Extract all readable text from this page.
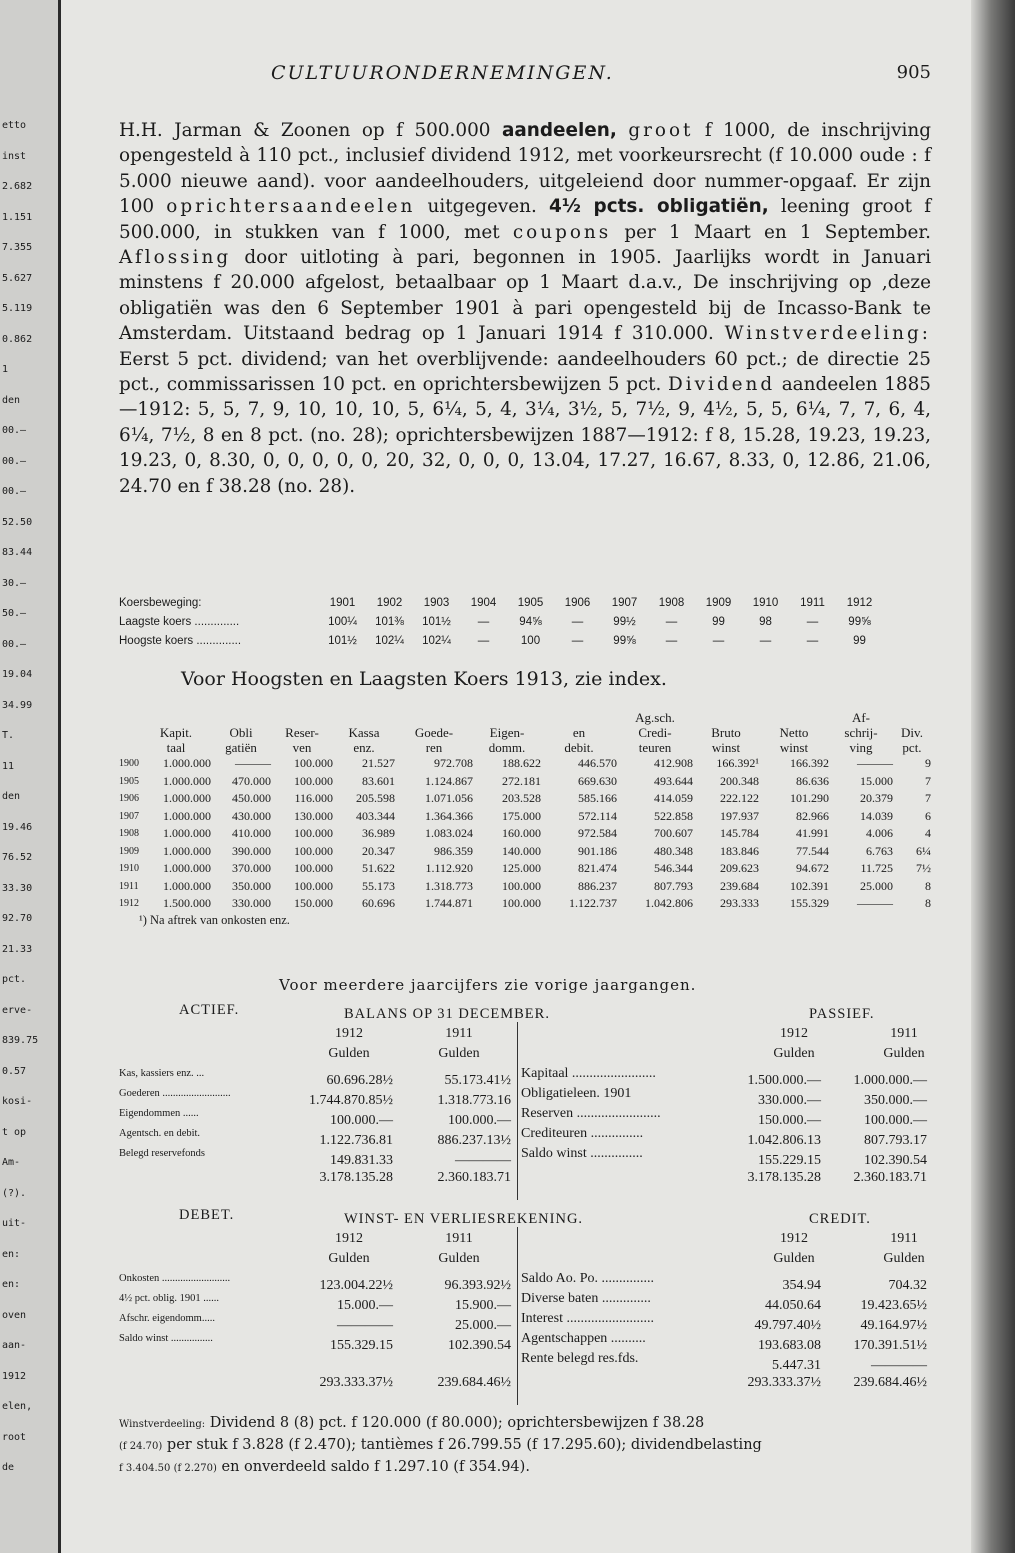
etto
inst
2.682
1.151
7.355
5.627
5.119
0.862
1
den
00.–
00.–
00.–
52.50
83.44
30.–
50.–
00.–
19.04
34.99
T.
11
den
19.46
76.52
33.30
92.70
21.33
pct.
erve-
839.75
0.57
kosi-
t op
Am-
(?).
uit-
en:
en:
oven
aan-
1912
elen,
root
de
CULTUURONDERNEMINGEN.	905

H.H. Jarman & Zoonen op f 500.000 aandeelen, groot f 1000, de inschrijving opengesteld à 110 pct., inclusief dividend 1912, met voorkeursrecht (f 10.000 oude : f 5.000 nieuwe aand). voor aandeelhouders, uitgeleiend door nummer-opgaaf. Er zijn 100 oprichtersaandeelen uitgegeven. 4½ pcts. obligatiën, leening groot f 500.000, in stukken van f 1000, met coupons per 1 Maart en 1 September. Aflossing door uitloting à pari, begonnen in 1905. Jaarlijks wordt in Januari minstens f 20.000 afgelost, betaalbaar op 1 Maart d.a.v., De inschrijving op ,deze obligatiën was den 6 September 1901 à pari opengesteld bij de Incasso-Bank te Amsterdam. Uitstaand bedrag op 1 Januari 1914 f 310.000. Winstverdeeling: Eerst 5 pct. dividend; van het overblijvende: aandeelhouders 60 pct.; de directie 25 pct., commissarissen 10 pct. en oprichtersbewijzen 5 pct. Dividend aandeelen 1885—1912: 5, 5, 7, 9, 10, 10, 10, 5, 6¼, 5, 4, 3¼, 3½, 5, 7½, 9, 4½, 5, 5, 6¼, 7, 7, 6, 4, 6¼, 7½, 8 en 8 pct. (no. 28); oprichtersbewijzen 1887—1912: f 8, 15.28, 19.23, 19.23, 19.23, 0, 8.30, 0, 0, 0, 0, 0, 20, 32, 0, 0, 0, 13.04, 17.27, 16.67, 8.33, 0, 12.86, 21.06, 24.70 en f 38.28 (no. 28).

Koersbeweging:	1901	1902	1903	1904	1905	1906	1907	1908	1909	1910	1911	1912
Laagste koers ..............	100¼	101⅜	101½	—	94⅝	—	99½	—	99	98	—	99⅝
Hoogste koers ..............	101½	102¼	102¼	—	100	—	99⅝	—	—	—	—	99
Voor Hoogsten en Laagsten Koers 1913, zie index.
Ag.sch.	Af-
Kapit.	Obli	Reser-	Kassa	Goede-	Eigen-	en	Credi-	Bruto	Netto	schrij-	Div.
taal	gatiën	ven	enz.	ren	domm.	debit.	teuren	winst	winst	ving	pct.
1900	1.000.000	———	100.000	21.527	972.708	188.622	446.570	412.908	166.392¹	166.392	———	9
1905	1.000.000	470.000	100.000	83.601	1.124.867	272.181	669.630	493.644	200.348	86.636	15.000	7
1906	1.000.000	450.000	116.000	205.598	1.071.056	203.528	585.166	414.059	222.122	101.290	20.379	7
1907	1.000.000	430.000	130.000	403.344	1.364.366	175.000	572.114	522.858	197.937	82.966	14.039	6
1908	1.000.000	410.000	100.000	36.989	1.083.024	160.000	972.584	700.607	145.784	41.991	4.006	4
1909	1.000.000	390.000	100.000	20.347	986.359	140.000	901.186	480.348	183.846	77.544	6.763	6¼
1910	1.000.000	370.000	100.000	51.622	1.112.920	125.000	821.474	546.344	209.623	94.672	11.725	7½
1911	1.000.000	350.000	100.000	55.173	1.318.773	100.000	886.237	807.793	239.684	102.391	25.000	8
1912	1.500.000	330.000	150.000	60.696	1.744.871	100.000	1.122.737	1.042.806	293.333	155.329	———	8
¹) Na aftrek van onkosten enz.
Voor meerdere jaarcijfers zie vorige jaargangen.
ACTIEF.	BALANS OP 31 DECEMBER.	PASSIEF.
1912	1911
Gulden	Gulden
1912	1911
Gulden	Gulden
Kas, kassiers enz. ...	60.696.28½	55.173.41½
Goederen ..........................	1.744.870.85½	1.318.773.16
Eigendommen ......	100.000.—	100.000.—
Agentsch. en debit.	1.122.736.81	886.237.13½
Belegd reservefonds	149.831.33	————
Kapitaal ........................	1.500.000.— 1.000.000.—
Obligatieleen. 1901	330.000.—	350.000.—
Reserven ........................	150.000.—	100.000.—
Crediteuren ...............	1.042.806.13	807.793.17
Saldo winst ...............	155.229.15	102.390.54
3.178.135.28	2.360.183.71	3.178.135.28 2.360.183.71
DEBET.	WINST- EN VERLIESREKENING.	CREDIT.
1912	1911
Gulden	Gulden
1912	1911
Gulden	Gulden
Onkosten ..........................	123.004.22½	96.393.92½
4½ pct. oblig. 1901 ......	15.000.—	15.900.—
Afschr. eigendomm.....	————	25.000.—
Saldo winst ................	155.329.15	102.390.54
Saldo Ao. Po. ...............	354.94	704.32
Diverse baten ..............	44.050.64	19.423.65½
Interest .........................	49.797.40½	49.164.97½
Agentschappen ..........	193.683.08 170.391.51½
Rente belegd res.fds.	5.447.31	————
293.333.37½	239.684.46½	293.333.37½ 239.684.46½
Winstverdeeling: Dividend 8 (8) pct. f 120.000 (f 80.000); oprichtersbewijzen f 38.28
(f 24.70) per stuk f 3.828 (f 2.470); tantièmes f 26.799.55 (f 17.295.60); dividendbelasting
f 3.404.50 (f 2.270) en onverdeeld saldo f 1.297.10 (f 354.94).
